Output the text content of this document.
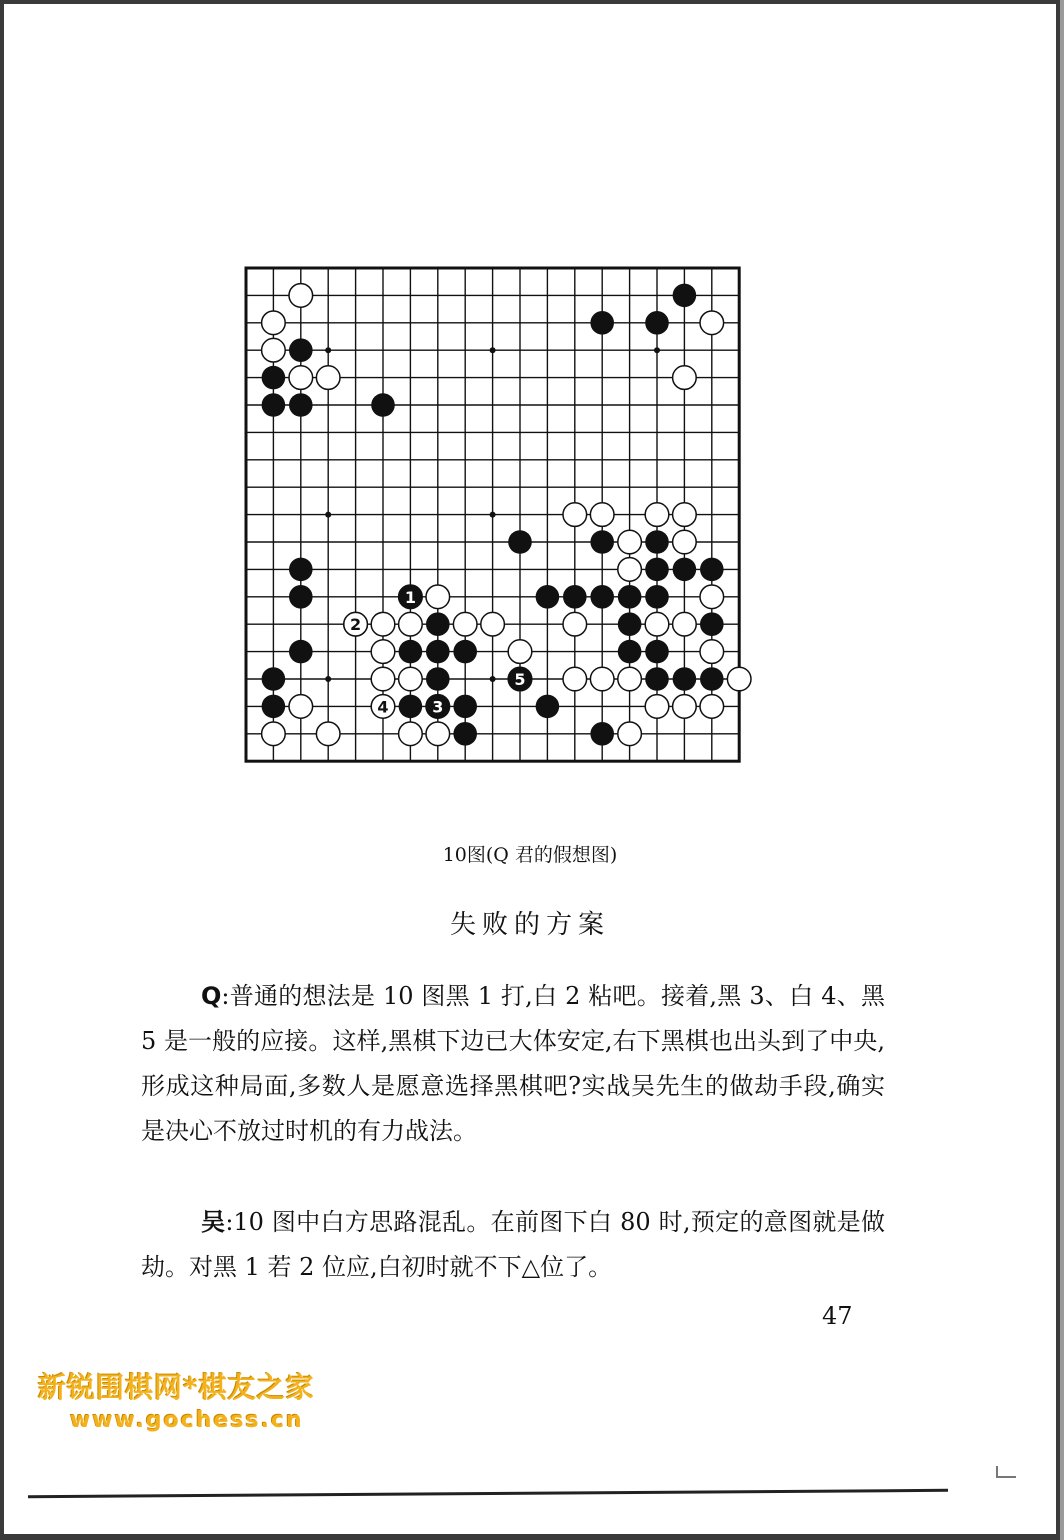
1
2
3
4
5
10图(Q 君的假想图)
失败的方案

Q:普通的想法是 10 图黑 1 打,白 2 粘吧。接着,黑 3、白 4、黑 5 是一般的应接。这样,黑棋下边已大体安定,右下黑棋也出头到了中央,形成这种局面,多数人是愿意选择黑棋吧?实战吴先生的做劫手段,确实是决心不放过时机的有力战法。

吴:10 图中白方思路混乱。在前图下白 80 时,预定的意图就是做劫。对黑 1 若 2 位应,白初时就不下△位了。

47
新锐围棋网*棋友之家
www.gochess.cn
